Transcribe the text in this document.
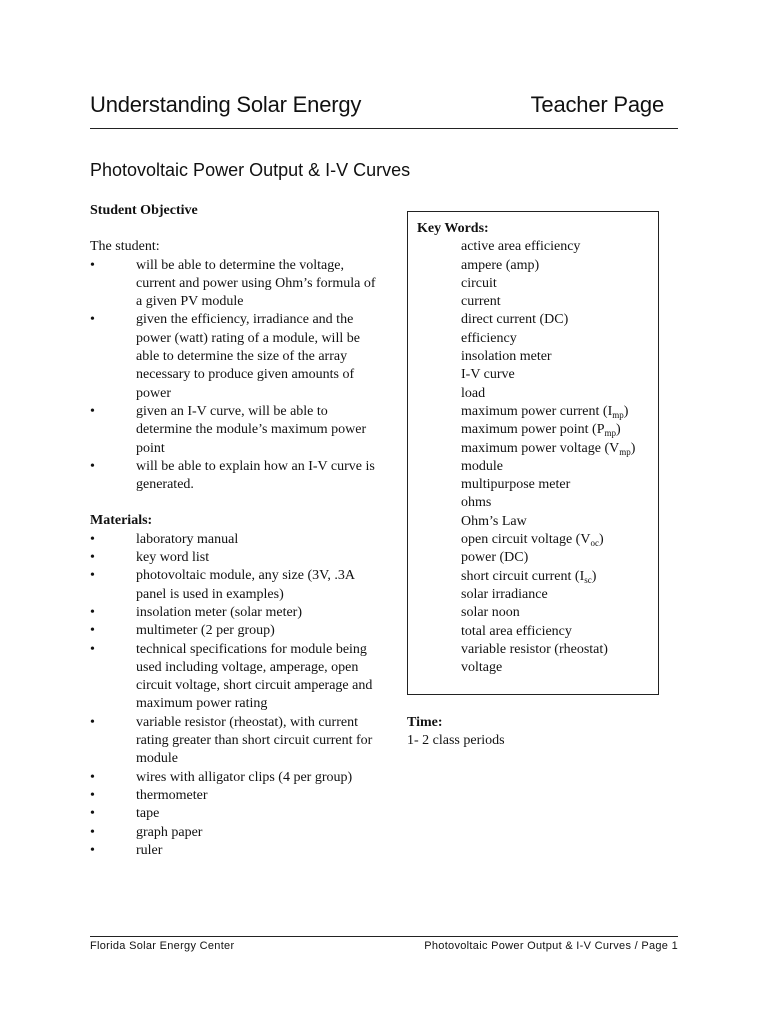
Understanding Solar Energy	Teacher Page
Photovoltaic Power Output & I-V Curves
Student Objective
The student:
• will be able to determine the voltage, current and power using Ohm’s formula of a given PV module
• given the efficiency, irradiance and the power (watt) rating of a module, will be able to determine the size of the array necessary to produce given amounts of power
• given an I-V curve, will be able to determine the module’s maximum power point
• will be able to explain how an I-V curve is generated.
Materials:
• laboratory manual
• key word list
• photovoltaic module, any size (3V, .3A panel is used in examples)
• insolation meter (solar meter)
• multimeter (2 per group)
• technical specifications for module being used including voltage, amperage, open circuit voltage, short circuit amperage and maximum power rating
• variable resistor (rheostat), with current rating greater than short circuit current for module
• wires with alligator clips (4 per group)
• thermometer
• tape
• graph paper
• ruler
Key Words:
active area efficiency
ampere (amp)
circuit
current
direct current (DC)
efficiency
insolation meter
I-V curve
load
maximum power current $(I_{mp})$
maximum power point $(P_{mp})$
maximum power voltage $(V_{mp})$
module
multipurpose meter
ohms
Ohm’s Law
open circuit voltage $(V_{oc})$
power (DC)
short circuit current $(I_{sc})$
solar irradiance
solar noon
total area efficiency
variable resistor (rheostat)
voltage
Time:
1- 2 class periods
Florida Solar Energy Center	Photovoltaic Power Output & I-V Curves / Page 1
